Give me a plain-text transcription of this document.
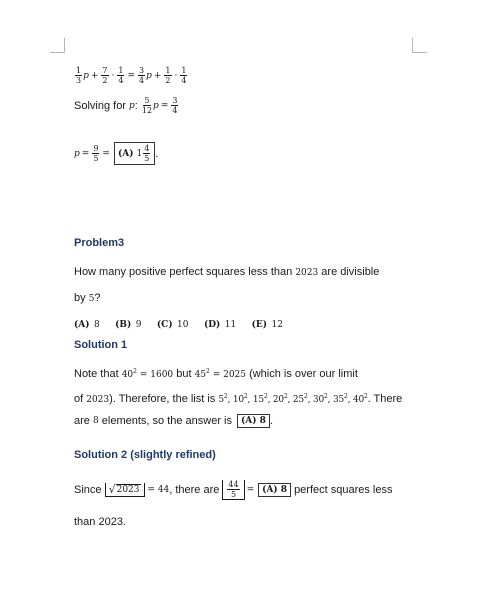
$\frac{1}{3}$ $p + \frac{7}{2} \cdot \frac{1}{4} = \frac{3}{4}$ $p + \frac{1}{2} \cdot \frac{1}{4}$
Solving for p : $\frac{5}{12}$ $p = \frac{3}{4}$
$p = \frac{9}{5} = (A)$ $1 \frac{4}{5}$ .
Problem3
How many positive perfect squares less than 2023 are divisible
by 5?
(A) 8 (B) 9 (C) 10 (D) 11 (E) 12
Solution 1
Note that $40^2 = 1600$ but $45^2 = 2025$ (which is over our limit
of 2023). Therefore, the list is $5^2$, $10^2$, $15^2$, $20^2$, $25^2$, $30^2$, $35^2$, $40^2$. There
are 8 elements, so the answer is (A) 8 .
Solution 2 (slightly refined)
Since √ 2023 = 44 , there are $\frac{44}{5} = (A)$ 8 perfect squares less
than 2023.
